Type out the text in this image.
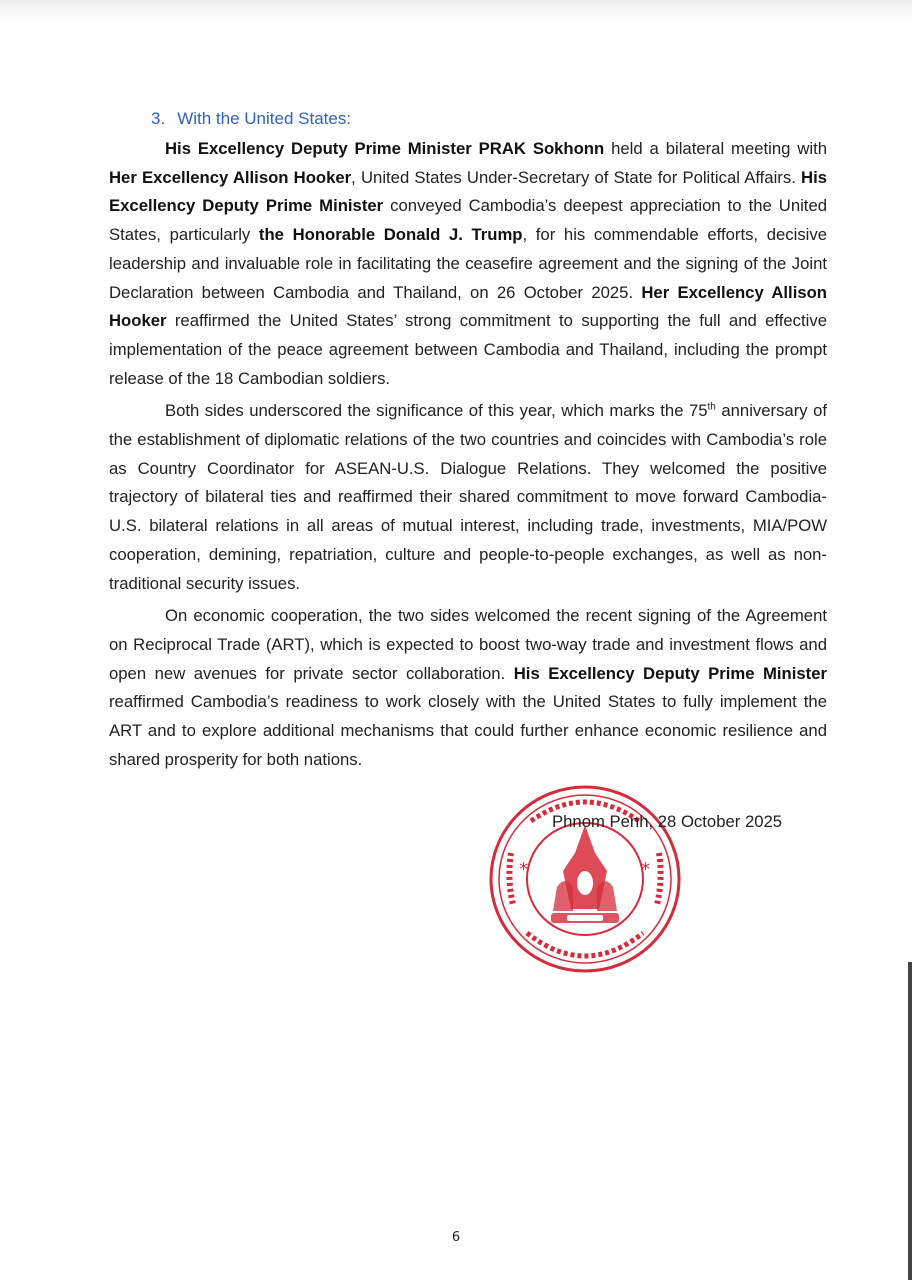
3. With the United States:

His Excellency Deputy Prime Minister PRAK Sokhonn held a bilateral meeting with Her Excellency Allison Hooker, United States Under-Secretary of State for Political Affairs. His Excellency Deputy Prime Minister conveyed Cambodia’s deepest appreciation to the United States, particularly the Honorable Donald J. Trump, for his commendable efforts, decisive leadership and invaluable role in facilitating the ceasefire agreement and the signing of the Joint Declaration between Cambodia and Thailand, on 26 October 2025. Her Excellency Allison Hooker reaffirmed the United States’ strong commitment to supporting the full and effective implementation of the peace agreement between Cambodia and Thailand, including the prompt release of the 18 Cambodian soldiers.

Both sides underscored the significance of this year, which marks the 75th anniversary of the establishment of diplomatic relations of the two countries and coincides with Cambodia’s role as Country Coordinator for ASEAN-U.S. Dialogue Relations. They welcomed the positive trajectory of bilateral ties and reaffirmed their shared commitment to move forward Cambodia-U.S. bilateral relations in all areas of mutual interest, including trade, investments, MIA/POW cooperation, demining, repatriation, culture and people-to-people exchanges, as well as non-traditional security issues.

On economic cooperation, the two sides welcomed the recent signing of the Agreement on Reciprocal Trade (ART), which is expected to boost two-way trade and investment flows and open new avenues for private sector collaboration. His Excellency Deputy Prime Minister reaffirmed Cambodia’s readiness to work closely with the United States to fully implement the ART and to explore additional mechanisms that could further enhance economic resilience and shared prosperity for both nations.

*	*
Phnom Penh, 28 October 2025
6
